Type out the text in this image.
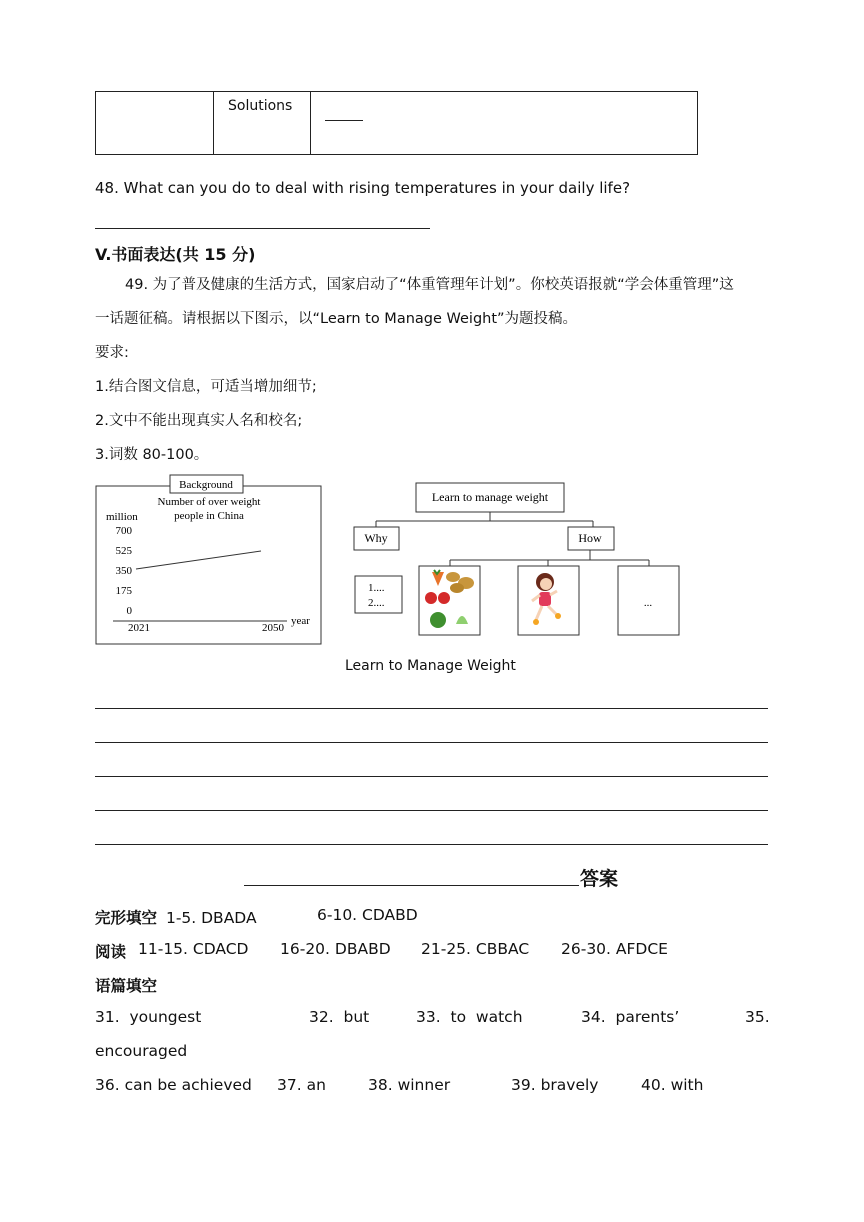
	Solutions	
48. What can you do to deal with rising temperatures in your daily life?
V.书面表达(共 15 分)
49. 为了普及健康的生活方式，国家启动了“体重管理年计划”。你校英语报就“学会体重管理”这
一话题征稿。请根据以下图示，以“Learn to Manage Weight”为题投稿。
要求:
1.结合图文信息，可适当增加细节;
2.文中不能出现真实人名和校名;
3.词数 80-100。
Background
Number of over weight
people in China
million
700
525
350
175
0
year
2021	2050
Learn to manage weight
Why	How
1....
2....	...
Learn to Manage Weight
答案
完形填空 1-5. DBADA	6-10. CDABD
阅读 11-15. CDACD 16-20. DBABD 21-25. CBBAC 26-30. AFDCE
语篇填空
31.  youngest	32.  but	33.  to  watch	34.  parents’	35.
encouraged
36. can be achieved 37. an	38. winner	39. bravely	40. with
